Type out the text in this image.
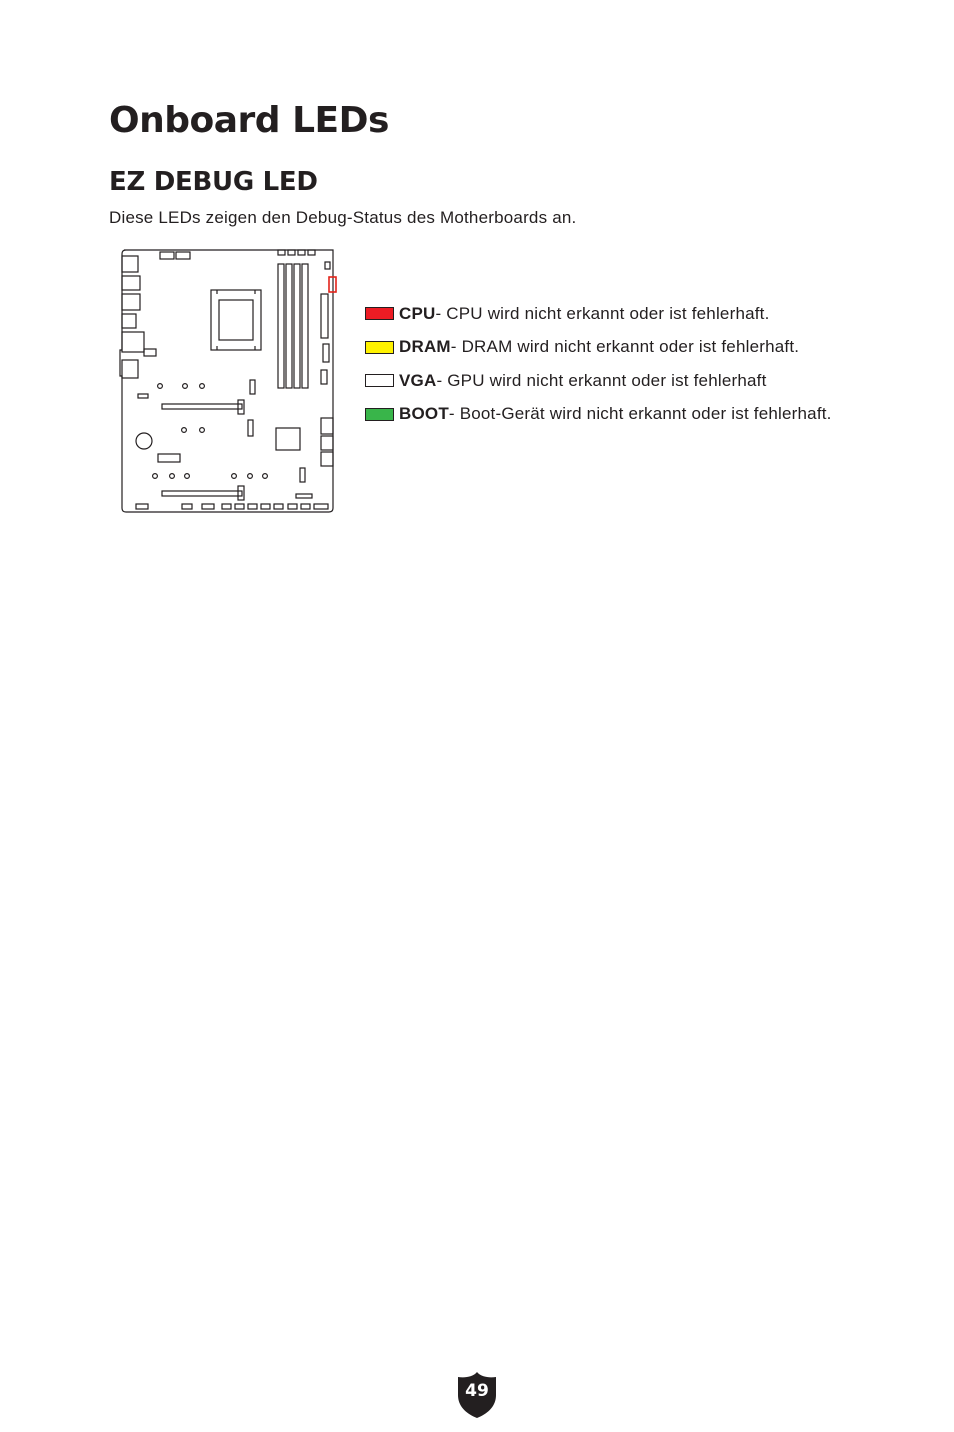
Onboard LEDs
EZ DEBUG LED

Diese LEDs zeigen den Debug-Status des Motherboards an.

CPU - CPU wird nicht erkannt oder ist fehlerhaft.
DRAM - DRAM wird nicht erkannt oder ist fehlerhaft.
VGA - GPU wird nicht erkannt oder ist fehlerhaft
BOOT - Boot-Gerät wird nicht erkannt oder ist fehlerhaft.
49
